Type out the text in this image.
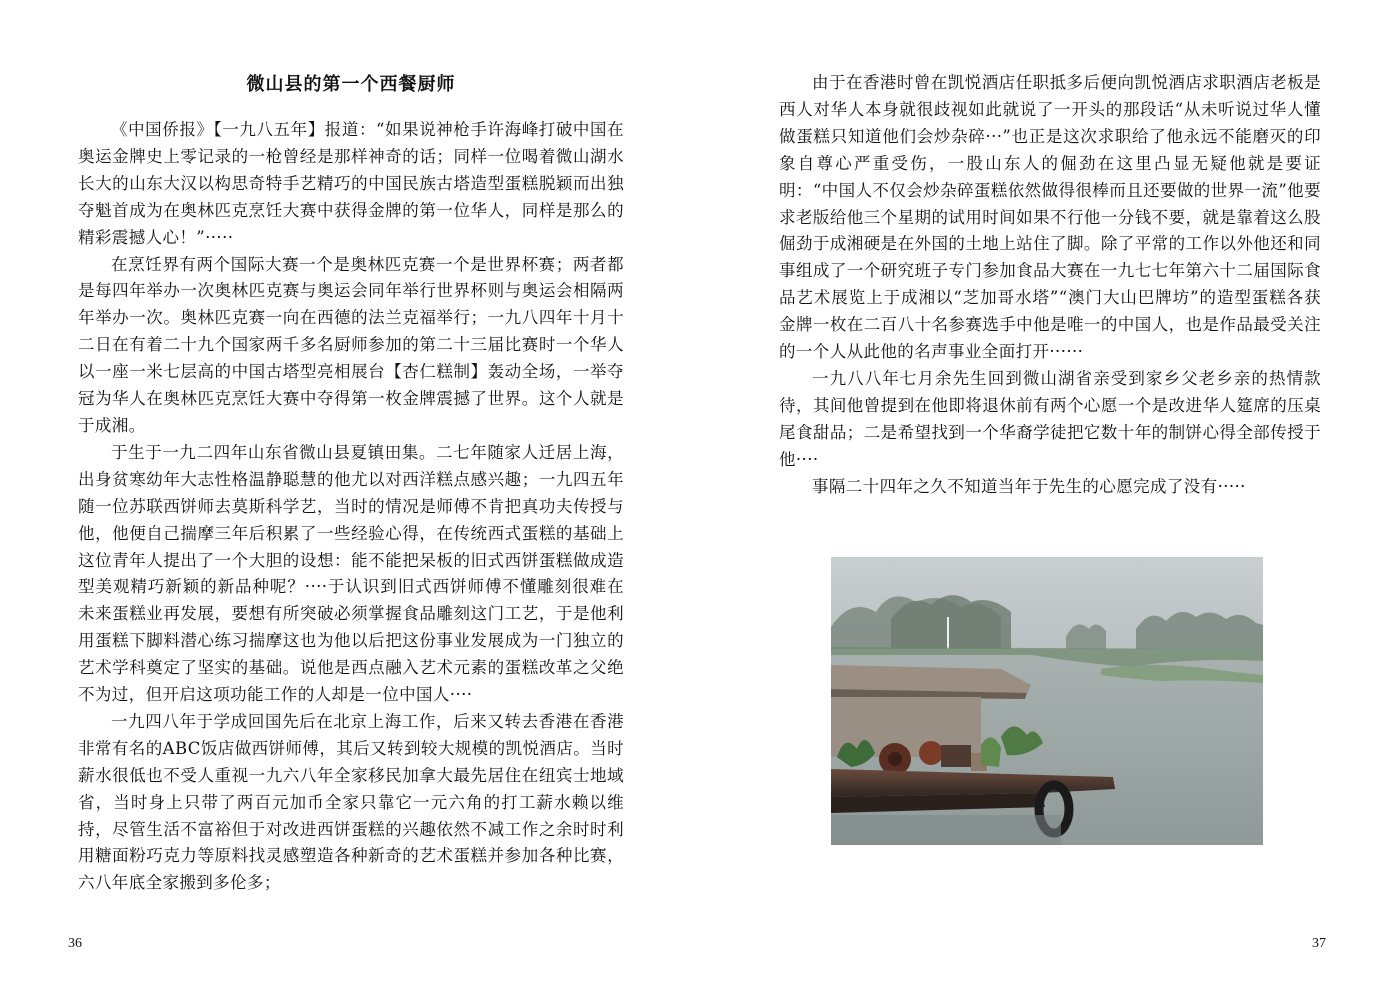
微山县的第一个西餐厨师

《中国侨报》【一九八五年】报道：“如果说神枪手许海峰打破中国在奥运金牌史上零记录的一枪曾经是那样神奇的话；同样一位喝着微山湖水长大的山东大汉以构思奇特手艺精巧的中国民族古塔造型蛋糕脱颖而出独夺魁首成为在奥林匹克烹饪大赛中获得金牌的第一位华人，同样是那么的精彩震撼人心！”·····

在烹饪界有两个国际大赛一个是奥林匹克赛一个是世界杯赛；两者都是每四年举办一次奥林匹克赛与奥运会同年举行世界杯则与奥运会相隔两年举办一次。奥林匹克赛一向在西德的法兰克福举行；一九八四年十月十二日在有着二十九个国家两千多名厨师参加的第二十三届比赛时一个华人以一座一米七层高的中国古塔型亮相展台【杏仁糕制】轰动全场，一举夺冠为华人在奥林匹克烹饪大赛中夺得第一枚金牌震撼了世界。这个人就是于成湘。

于生于一九二四年山东省微山县夏镇田集。二七年随家人迁居上海，出身贫寒幼年大志性格温静聪慧的他尤以对西洋糕点感兴趣；一九四五年随一位苏联西饼师去莫斯科学艺，当时的情况是师傅不肯把真功夫传授与他，他便自己揣摩三年后积累了一些经验心得，在传统西式蛋糕的基础上这位青年人提出了一个大胆的设想：能不能把呆板的旧式西饼蛋糕做成造型美观精巧新颖的新品种呢？····于认识到旧式西饼师傅不懂雕刻很难在未来蛋糕业再发展，要想有所突破必须掌握食品雕刻这门工艺，于是他利用蛋糕下脚料潜心练习揣摩这也为他以后把这份事业发展成为一门独立的艺术学科奠定了坚实的基础。说他是西点融入艺术元素的蛋糕改革之父绝不为过，但开启这项功能工作的人却是一位中国人····

一九四八年于学成回国先后在北京上海工作，后来又转去香港在香港非常有名的ABC饭店做西饼师傅，其后又转到较大规模的凯悦酒店。当时薪水很低也不受人重视一九六八年全家移民加拿大最先居住在纽宾士地域省，当时身上只带了两百元加币全家只靠它一元六角的打工薪水赖以维持，尽管生活不富裕但于对改进西饼蛋糕的兴趣依然不减工作之余时时利用糖面粉巧克力等原料找灵感塑造各种新奇的艺术蛋糕并参加各种比赛，六八年底全家搬到多伦多；

36

由于在香港时曾在凯悦酒店任职抵多后便向凯悦酒店求职酒店老板是西人对华人本身就很歧视如此就说了一开头的那段话“从未听说过华人懂做蛋糕只知道他们会炒杂碎···”也正是这次求职给了他永远不能磨灭的印象自尊心严重受伤，一股山东人的倔劲在这里凸显无疑他就是要证明：“中国人不仅会炒杂碎蛋糕依然做得很棒而且还要做的世界一流”他要求老版给他三个星期的试用时间如果不行他一分钱不要，就是靠着这么股倔劲于成湘硬是在外国的土地上站住了脚。除了平常的工作以外他还和同事组成了一个研究班子专门参加食品大赛在一九七七年第六十二届国际食品艺术展览上于成湘以“芝加哥水塔”“澳门大山巴牌坊”的造型蛋糕各获金牌一枚在二百八十名参赛选手中他是唯一的中国人，也是作品最受关注的一个人从此他的名声事业全面打开······

一九八八年七月余先生回到微山湖省亲受到家乡父老乡亲的热情款待，其间他曾提到在他即将退休前有两个心愿一个是改进华人筵席的压桌尾食甜品；二是希望找到一个华裔学徒把它数十年的制饼心得全部传授于他····

事隔二十四年之久不知道当年于先生的心愿完成了没有·····

37
